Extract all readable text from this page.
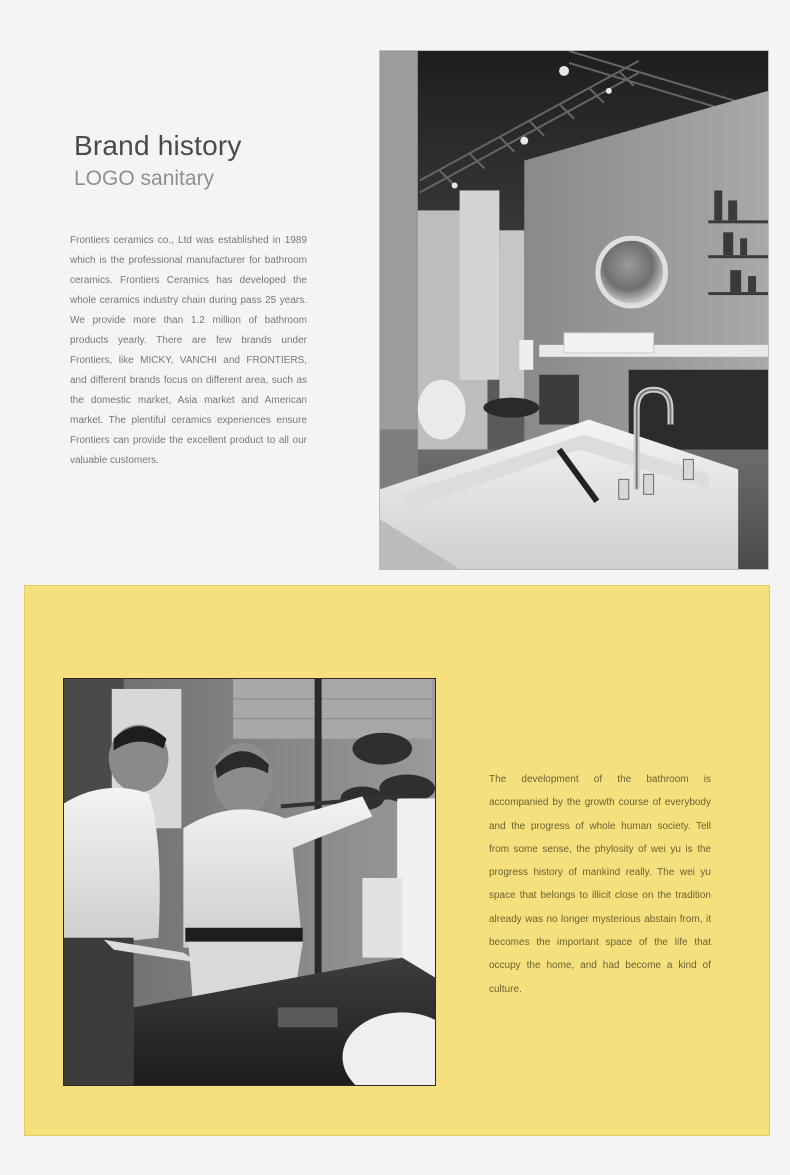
Brand history
LOGO sanitary

Frontiers ceramics co., Ltd was established in 1989 which is the professional manufacturer for bathroom ceramics. Frontiers Ceramics has developed the whole ceramics industry chain during pass 25 years. We provide more than 1.2 million of bathroom products yearly. There are few brands under Frontiers, like MICKY, VANCHI and FRONTIERS, and different brands focus on different area, such as the domestic market, Asia market and American market. The plentiful ceramics experiences ensure Frontiers can provide the excellent product to all our valuable customers.

The development of the bathroom is accompanied by the growth course of everybody and the progress of whole human society. Tell from some sense, the phylosity of wei yu is the progress history of mankind really. The wei yu space that belongs to illicit close on the tradition already was no longer mysterious abstain from, it becomes the important space of the life that occupy the home, and had become a kind of culture.
